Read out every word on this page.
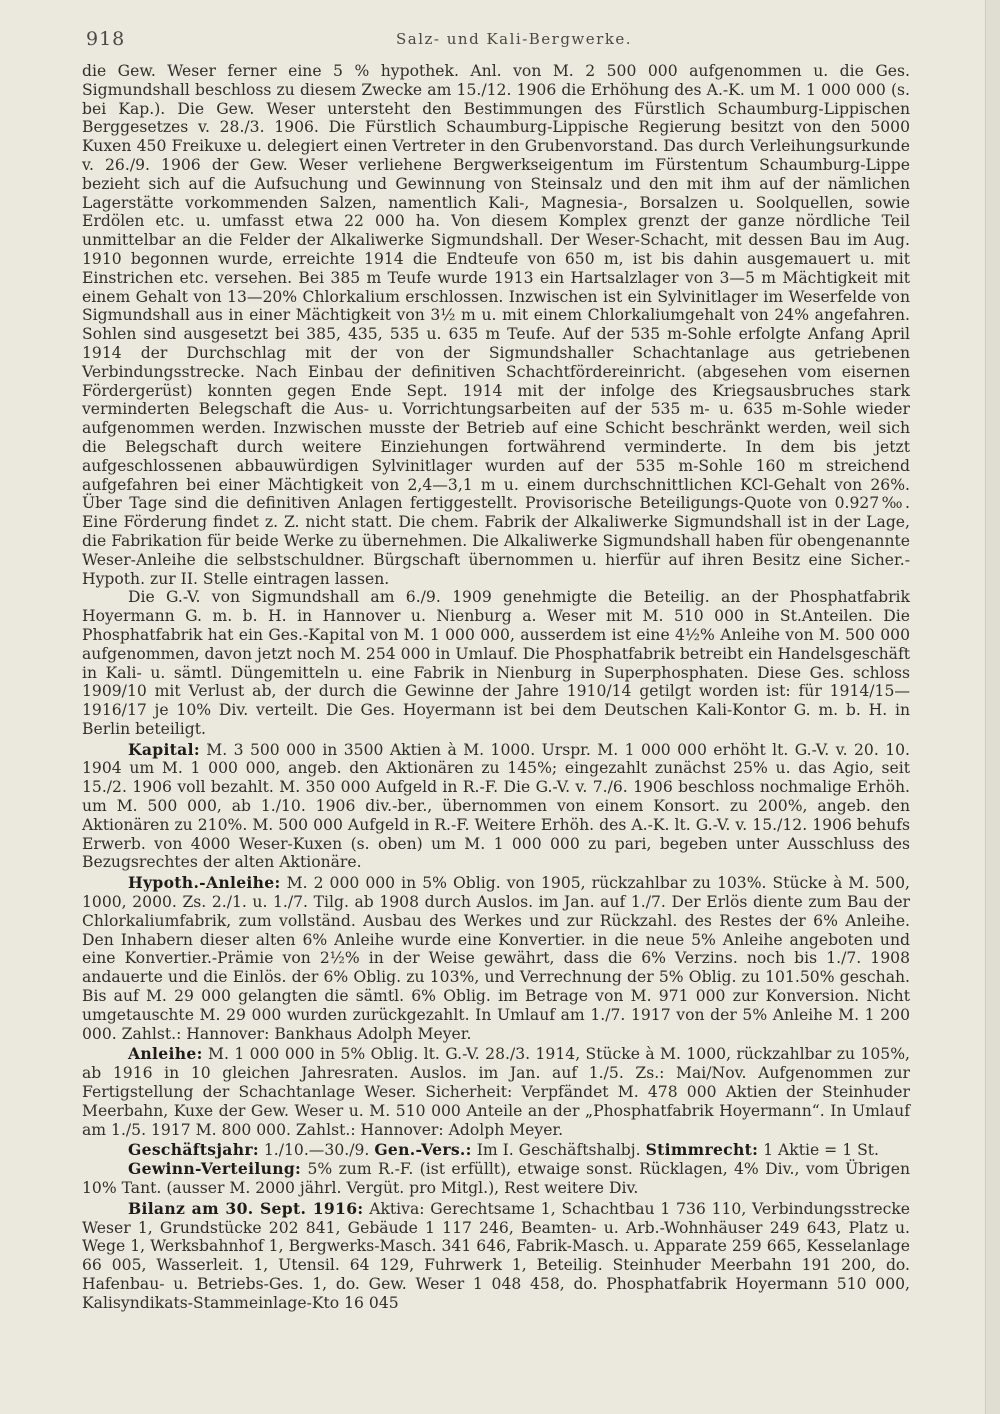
918	Salz- und Kali-Bergwerke.

die Gew. Weser ferner eine 5 % hypothek. Anl. von M. 2 500 000 aufgenommen u. die Ges. Sigmundshall beschloss zu diesem Zwecke am 15./12. 1906 die Erhöhung des A.-K. um M. 1 000 000 (s. bei Kap.). Die Gew. Weser untersteht den Bestimmungen des Fürstlich Schaumburg-Lippischen Berggesetzes v. 28./3. 1906. Die Fürstlich Schaumburg-Lippische Regierung besitzt von den 5000 Kuxen 450 Freikuxe u. delegiert einen Vertreter in den Grubenvorstand. Das durch Verleihungsurkunde v. 26./9. 1906 der Gew. Weser verliehene Bergwerkseigentum im Fürstentum Schaumburg-Lippe bezieht sich auf die Aufsuchung und Gewinnung von Steinsalz und den mit ihm auf der nämlichen Lagerstätte vorkommenden Salzen, namentlich Kali-, Magnesia-, Borsalzen u. Soolquellen, sowie Erdölen etc. u. umfasst etwa 22 000 ha. Von diesem Komplex grenzt der ganze nördliche Teil unmittelbar an die Felder der Alkaliwerke Sigmundshall. Der Weser-Schacht, mit dessen Bau im Aug. 1910 begonnen wurde, erreichte 1914 die Endteufe von 650 m, ist bis dahin ausgemauert u. mit Einstrichen etc. versehen. Bei 385 m Teufe wurde 1913 ein Hartsalzlager von 3—5 m Mächtigkeit mit einem Gehalt von 13—20% Chlorkalium erschlossen. Inzwischen ist ein Sylvinitlager im Weserfelde von Sigmundshall aus in einer Mächtigkeit von 3½ m u. mit einem Chlorkaliumgehalt von 24% angefahren. Sohlen sind ausgesetzt bei 385, 435, 535 u. 635 m Teufe. Auf der 535 m-Sohle erfolgte Anfang April 1914 der Durchschlag mit der von der Sigmundshaller Schachtanlage aus getriebenen Verbindungsstrecke. Nach Einbau der definitiven Schachtfördereinricht. (abgesehen vom eisernen Fördergerüst) konnten gegen Ende Sept. 1914 mit der infolge des Kriegsausbruches stark verminderten Belegschaft die Aus- u. Vorrichtungsarbeiten auf der 535 m- u. 635 m-Sohle wieder aufgenommen werden. Inzwischen musste der Betrieb auf eine Schicht beschränkt werden, weil sich die Belegschaft durch weitere Einziehungen fortwährend verminderte. In dem bis jetzt aufgeschlossenen abbauwürdigen Sylvinitlager wurden auf der 535 m-Sohle 160 m streichend aufgefahren bei einer Mächtigkeit von 2,4—3,1 m u. einem durchschnittlichen KCl-Gehalt von 26%. Über Tage sind die definitiven Anlagen fertiggestellt. Provisorische Beteiligungs-Quote von 0.927‰. Eine Förderung findet z. Z. nicht statt. Die chem. Fabrik der Alkaliwerke Sigmundshall ist in der Lage, die Fabrikation für beide Werke zu übernehmen. Die Alkaliwerke Sigmundshall haben für obengenannte Weser-Anleihe die selbstschuldner. Bürgschaft übernommen u. hierfür auf ihren Besitz eine Sicher.-Hypoth. zur II. Stelle eintragen lassen.

Die G.-V. von Sigmundshall am 6./9. 1909 genehmigte die Beteilig. an der Phosphatfabrik Hoyermann G. m. b. H. in Hannover u. Nienburg a. Weser mit M. 510 000 in St.Anteilen. Die Phosphatfabrik hat ein Ges.-Kapital von M. 1 000 000, ausserdem ist eine 4½% Anleihe von M. 500 000 aufgenommen, davon jetzt noch M. 254 000 in Umlauf. Die Phosphatfabrik betreibt ein Handelsgeschäft in Kali- u. sämtl. Düngemitteln u. eine Fabrik in Nienburg in Superphosphaten. Diese Ges. schloss 1909/10 mit Verlust ab, der durch die Gewinne der Jahre 1910/14 getilgt worden ist: für 1914/15—1916/17 je 10% Div. verteilt. Die Ges. Hoyermann ist bei dem Deutschen Kali-Kontor G. m. b. H. in Berlin beteiligt.

Kapital: M. 3 500 000 in 3500 Aktien à M. 1000. Urspr. M. 1 000 000 erhöht lt. G.-V. v. 20. 10. 1904 um M. 1 000 000, angeb. den Aktionären zu 145%; eingezahlt zunächst 25% u. das Agio, seit 15./2. 1906 voll bezahlt. M. 350 000 Aufgeld in R.-F. Die G.-V. v. 7./6. 1906 beschloss nochmalige Erhöh. um M. 500 000, ab 1./10. 1906 div.-ber., übernommen von einem Konsort. zu 200%, angeb. den Aktionären zu 210%. M. 500 000 Aufgeld in R.-F. Weitere Erhöh. des A.-K. lt. G.-V. v. 15./12. 1906 behufs Erwerb. von 4000 Weser-Kuxen (s. oben) um M. 1 000 000 zu pari, begeben unter Ausschluss des Bezugsrechtes der alten Aktionäre.

Hypoth.-Anleihe: M. 2 000 000 in 5% Oblig. von 1905, rückzahlbar zu 103%. Stücke à M. 500, 1000, 2000. Zs. 2./1. u. 1./7. Tilg. ab 1908 durch Auslos. im Jan. auf 1./7. Der Erlös diente zum Bau der Chlorkaliumfabrik, zum vollständ. Ausbau des Werkes und zur Rückzahl. des Restes der 6% Anleihe. Den Inhabern dieser alten 6% Anleihe wurde eine Konvertier. in die neue 5% Anleihe angeboten und eine Konvertier.-Prämie von 2½% in der Weise gewährt, dass die 6% Verzins. noch bis 1./7. 1908 andauerte und die Einlös. der 6% Oblig. zu 103%, und Verrechnung der 5% Oblig. zu 101.50% geschah. Bis auf M. 29 000 gelangten die sämtl. 6% Oblig. im Betrage von M. 971 000 zur Konversion. Nicht umgetauschte M. 29 000 wurden zurückgezahlt. In Umlauf am 1./7. 1917 von der 5% Anleihe M. 1 200 000. Zahlst.: Hannover: Bankhaus Adolph Meyer.

Anleihe: M. 1 000 000 in 5% Oblig. lt. G.-V. 28./3. 1914, Stücke à M. 1000, rückzahlbar zu 105%, ab 1916 in 10 gleichen Jahresraten. Auslos. im Jan. auf 1./5. Zs.: Mai/Nov. Aufgenommen zur Fertigstellung der Schachtanlage Weser. Sicherheit: Verpfändet M. 478 000 Aktien der Steinhuder Meerbahn, Kuxe der Gew. Weser u. M. 510 000 Anteile an der „Phosphatfabrik Hoyermann“. In Umlauf am 1./5. 1917 M. 800 000. Zahlst.: Hannover: Adolph Meyer.

Geschäftsjahr: 1./10.—30./9. Gen.-Vers.: Im I. Geschäftshalbj. Stimmrecht: 1 Aktie = 1 St.

Gewinn-Verteilung: 5% zum R.-F. (ist erfüllt), etwaige sonst. Rücklagen, 4% Div., vom Übrigen 10% Tant. (ausser M. 2000 jährl. Vergüt. pro Mitgl.), Rest weitere Div.

Bilanz am 30. Sept. 1916: Aktiva: Gerechtsame 1, Schachtbau 1 736 110, Verbindungsstrecke Weser 1, Grundstücke 202 841, Gebäude 1 117 246, Beamten- u. Arb.-Wohnhäuser 249 643, Platz u. Wege 1, Werksbahnhof 1, Bergwerks-Masch. 341 646, Fabrik-Masch. u. Apparate 259 665, Kesselanlage 66 005, Wasserleit. 1, Utensil. 64 129, Fuhrwerk 1, Beteilig. Steinhuder Meerbahn 191 200, do. Hafenbau- u. Betriebs-Ges. 1, do. Gew. Weser 1 048 458, do. Phosphatfabrik Hoyermann 510 000, Kalisyndikats-Stammeinlage-Kto 16 045
